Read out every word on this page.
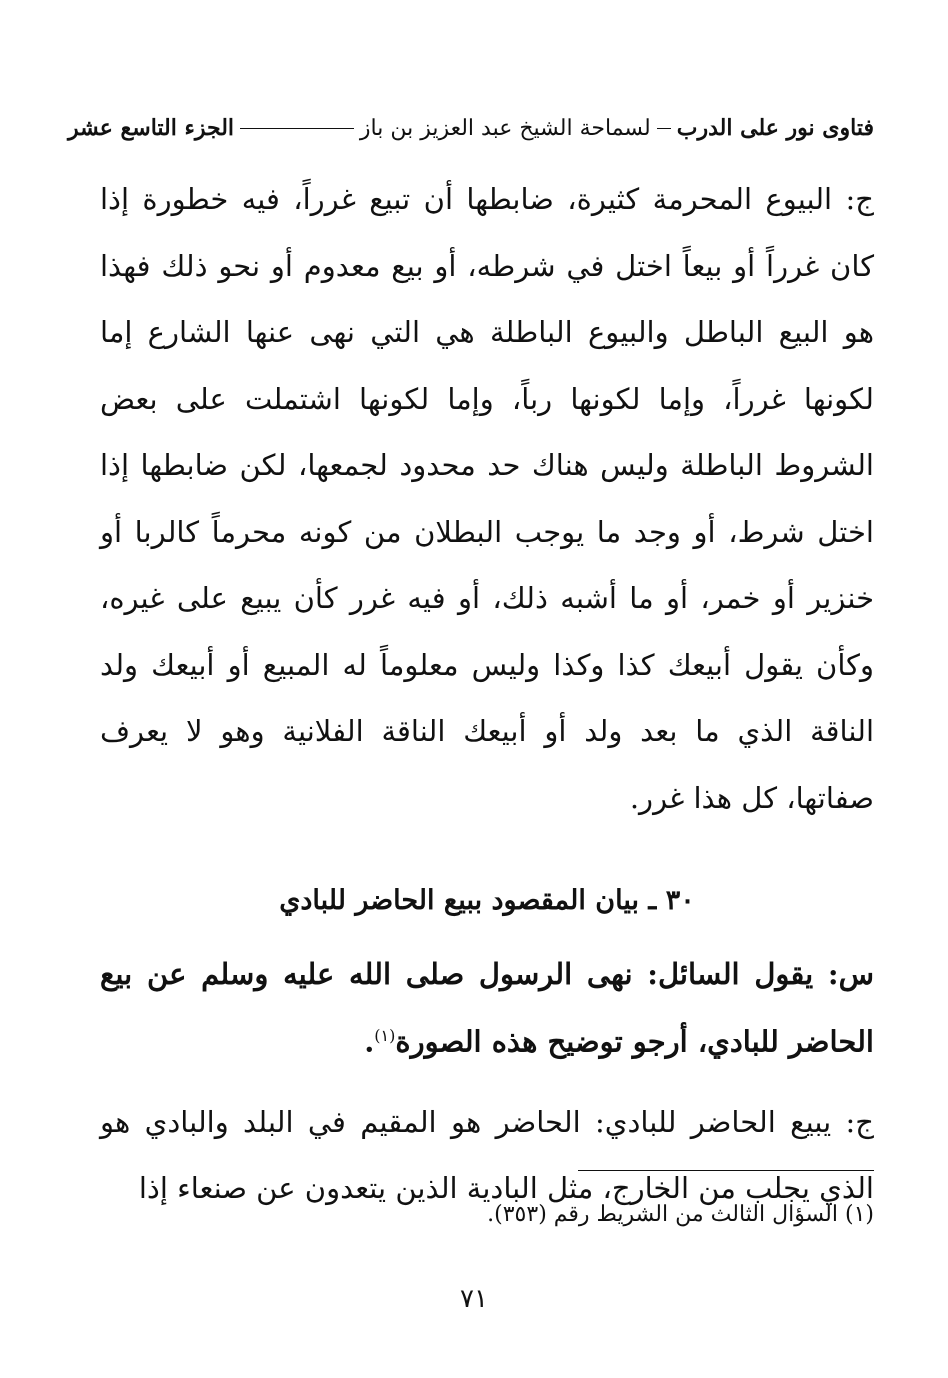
فتاوى نور على الدرب
لسماحة الشيخ عبد العزيز بن باز
الجزء التاسع عشر

ج: البيوع المحرمة كثيرة، ضابطها أن تبيع غرراً، فيه خطورة إذا كان غرراً أو بيعاً اختل في شرطه، أو بيع معدوم أو نحو ذلك فهذا هو البيع الباطل والبيوع الباطلة هي التي نهى عنها الشارع إما لكونها غرراً، وإما لكونها رباً، وإما لكونها اشتملت على بعض الشروط الباطلة وليس هناك حد محدود لجمعها، لكن ضابطها إذا اختل شرط، أو وجد ما يوجب البطلان من كونه محرماً كالربا أو خنزير أو خمر، أو ما أشبه ذلك، أو فيه غرر كأن يبيع على غيره، وكأن يقول أبيعك كذا وكذا وليس معلوماً له المبيع أو أبيعك ولد الناقة الذي ما بعد ولد أو أبيعك الناقة الفلانية وهو لا يعرف صفاتها، كل هذا غرر.

٣٠ ـ بيان المقصود ببيع الحاضر للبادي

س: يقول السائل: نهى الرسول صلى الله عليه وسلم عن بيع الحاضر للبادي، أرجو توضيح هذه الصورة$^{(١)}$.

ج: يبيع الحاضر للبادي: الحاضر هو المقيم في البلد والبادي هو الذي يجلب من الخارج، مثل البادية الذين يتعدون عن صنعاء إذا

(١) السؤال الثالث من الشريط رقم (٣٥٣).
٧١
